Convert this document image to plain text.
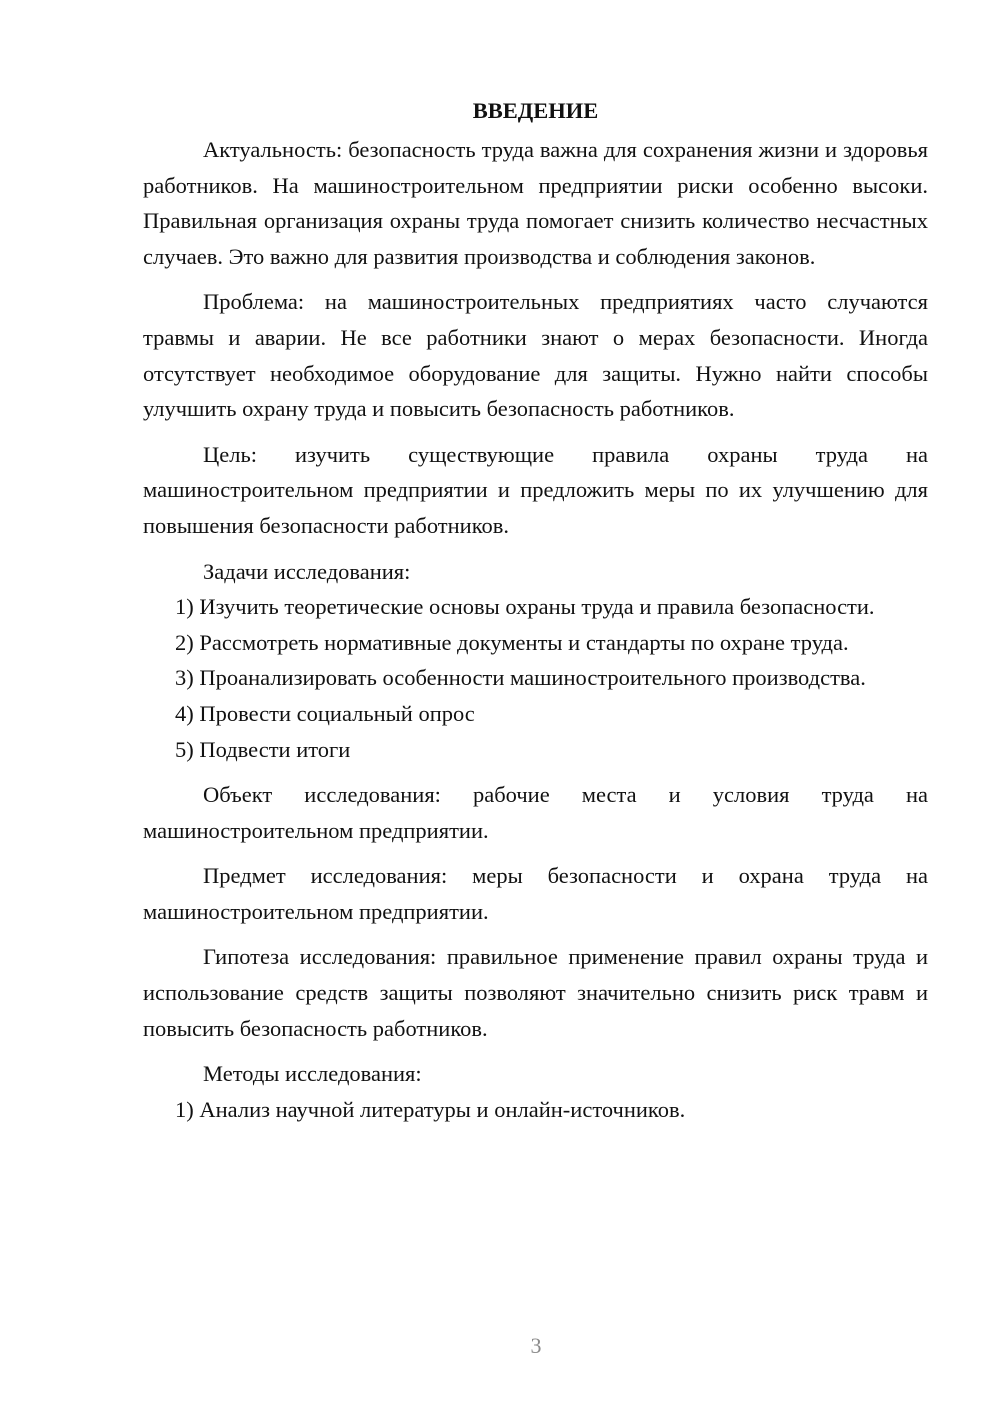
ВВЕДЕНИЕ

Актуальность: безопасность труда важна для сохранения жизни и здоровья работников. На машиностроительном предприятии риски особенно высоки. Правильная организация охраны труда помогает снизить количество несчастных случаев. Это важно для развития производства и соблюдения законов.

Проблема: на машиностроительных предприятиях часто случаются травмы и аварии. Не все работники знают о мерах безопасности. Иногда отсутствует необходимое оборудование для защиты. Нужно найти способы улучшить охрану труда и повысить безопасность работников.

Цель: изучить существующие правила охраны труда на машиностроительном предприятии и предложить меры по их улучшению для повышения безопасности работников.

Задачи исследования:

1) Изучить теоретические основы охраны труда и правила безопасности.

2) Рассмотреть нормативные документы и стандарты по охране труда.

3) Проанализировать особенности машиностроительного производства.

4) Провести социальный опрос

5) Подвести итоги

Объект исследования: рабочие места и условия труда на машиностроительном предприятии.

Предмет исследования: меры безопасности и охрана труда на машиностроительном предприятии.

Гипотеза исследования: правильное применение правил охраны труда и использование средств защиты позволяют значительно снизить риск травм и повысить безопасность работников.

Методы исследования:

1) Анализ научной литературы и онлайн-источников.

3
